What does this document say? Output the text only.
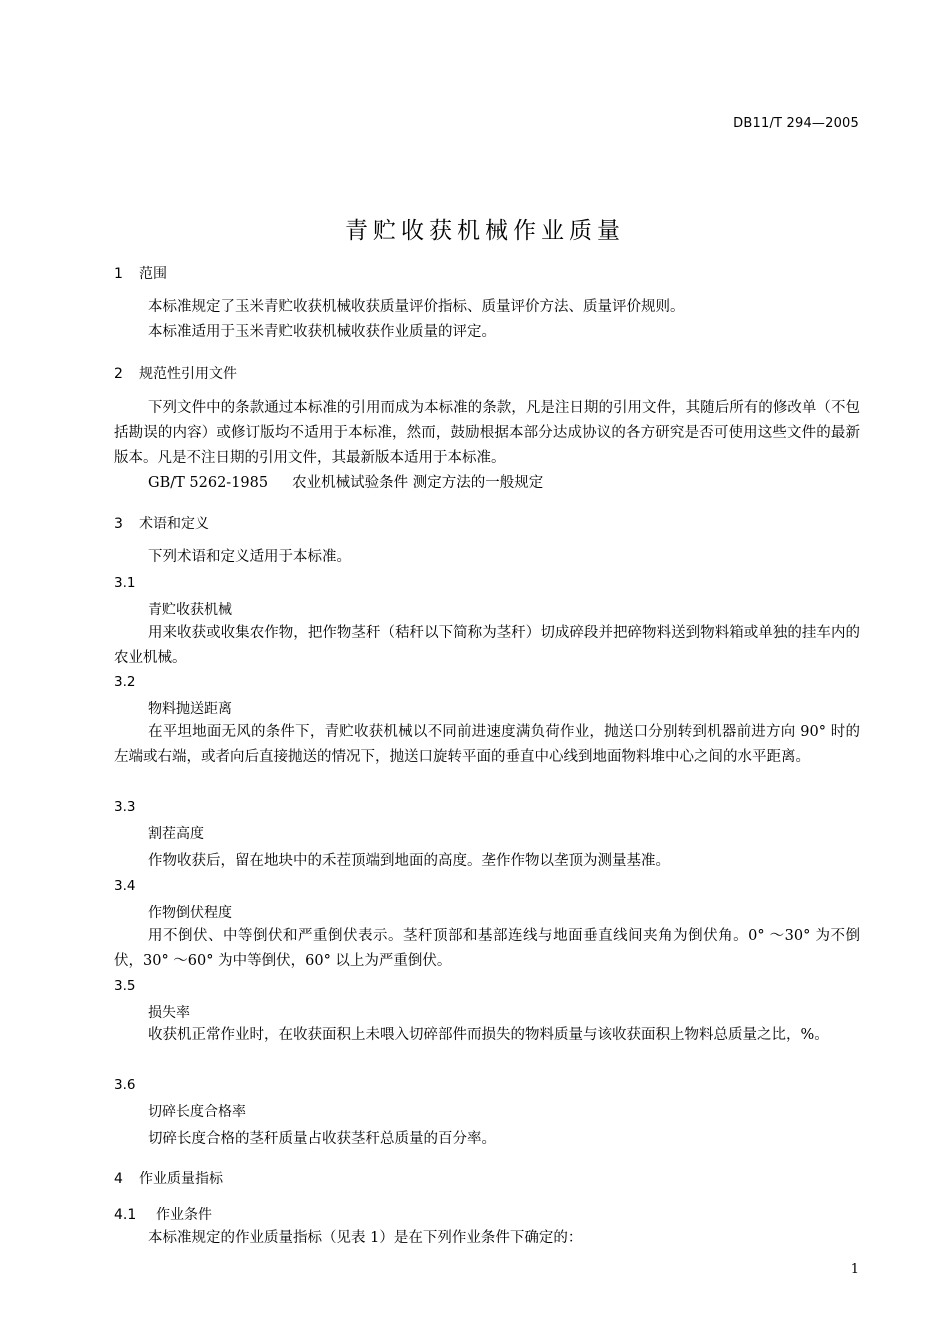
DB11/T 294—2005
青贮收获机械作业质量
1 范围
本标准规定了玉米青贮收获机械收获质量评价指标、质量评价方法、质量评价规则。
本标准适用于玉米青贮收获机械收获作业质量的评定。
2 规范性引用文件
下列文件中的条款通过本标准的引用而成为本标准的条款，凡是注日期的引用文件，其随后所有的修改单（不包括勘误的内容）或修订版均不适用于本标准，然而，鼓励根据本部分达成协议的各方研究是否可使用这些文件的最新版本。凡是不注日期的引用文件，其最新版本适用于本标准。
GB/T 5262-1985 农业机械试验条件 测定方法的一般规定
3 术语和定义
下列术语和定义适用于本标准。
3.1
青贮收获机械
用来收获或收集农作物，把作物茎秆（秸秆以下简称为茎秆）切成碎段并把碎物料送到物料箱或单独的挂车内的农业机械。
3.2
物料抛送距离
在平坦地面无风的条件下，青贮收获机械以不同前进速度满负荷作业，抛送口分别转到机器前进方向 90° 时的左端或右端，或者向后直接抛送的情况下，抛送口旋转平面的垂直中心线到地面物料堆中心之间的水平距离。
3.3
割茬高度
作物收获后，留在地块中的禾茬顶端到地面的高度。垄作作物以垄顶为测量基准。
3.4
作物倒伏程度
用不倒伏、中等倒伏和严重倒伏表示。茎秆顶部和基部连线与地面垂直线间夹角为倒伏角。0° ～30° 为不倒伏，30° ～60° 为中等倒伏，60° 以上为严重倒伏。
3.5
损失率
收获机正常作业时，在收获面积上未喂入切碎部件而损失的物料质量与该收获面积上物料总质量之比，%。
3.6
切碎长度合格率
切碎长度合格的茎秆质量占收获茎秆总质量的百分率。
4 作业质量指标
4.1 作业条件
本标准规定的作业质量指标（见表 1）是在下列作业条件下确定的：
1
